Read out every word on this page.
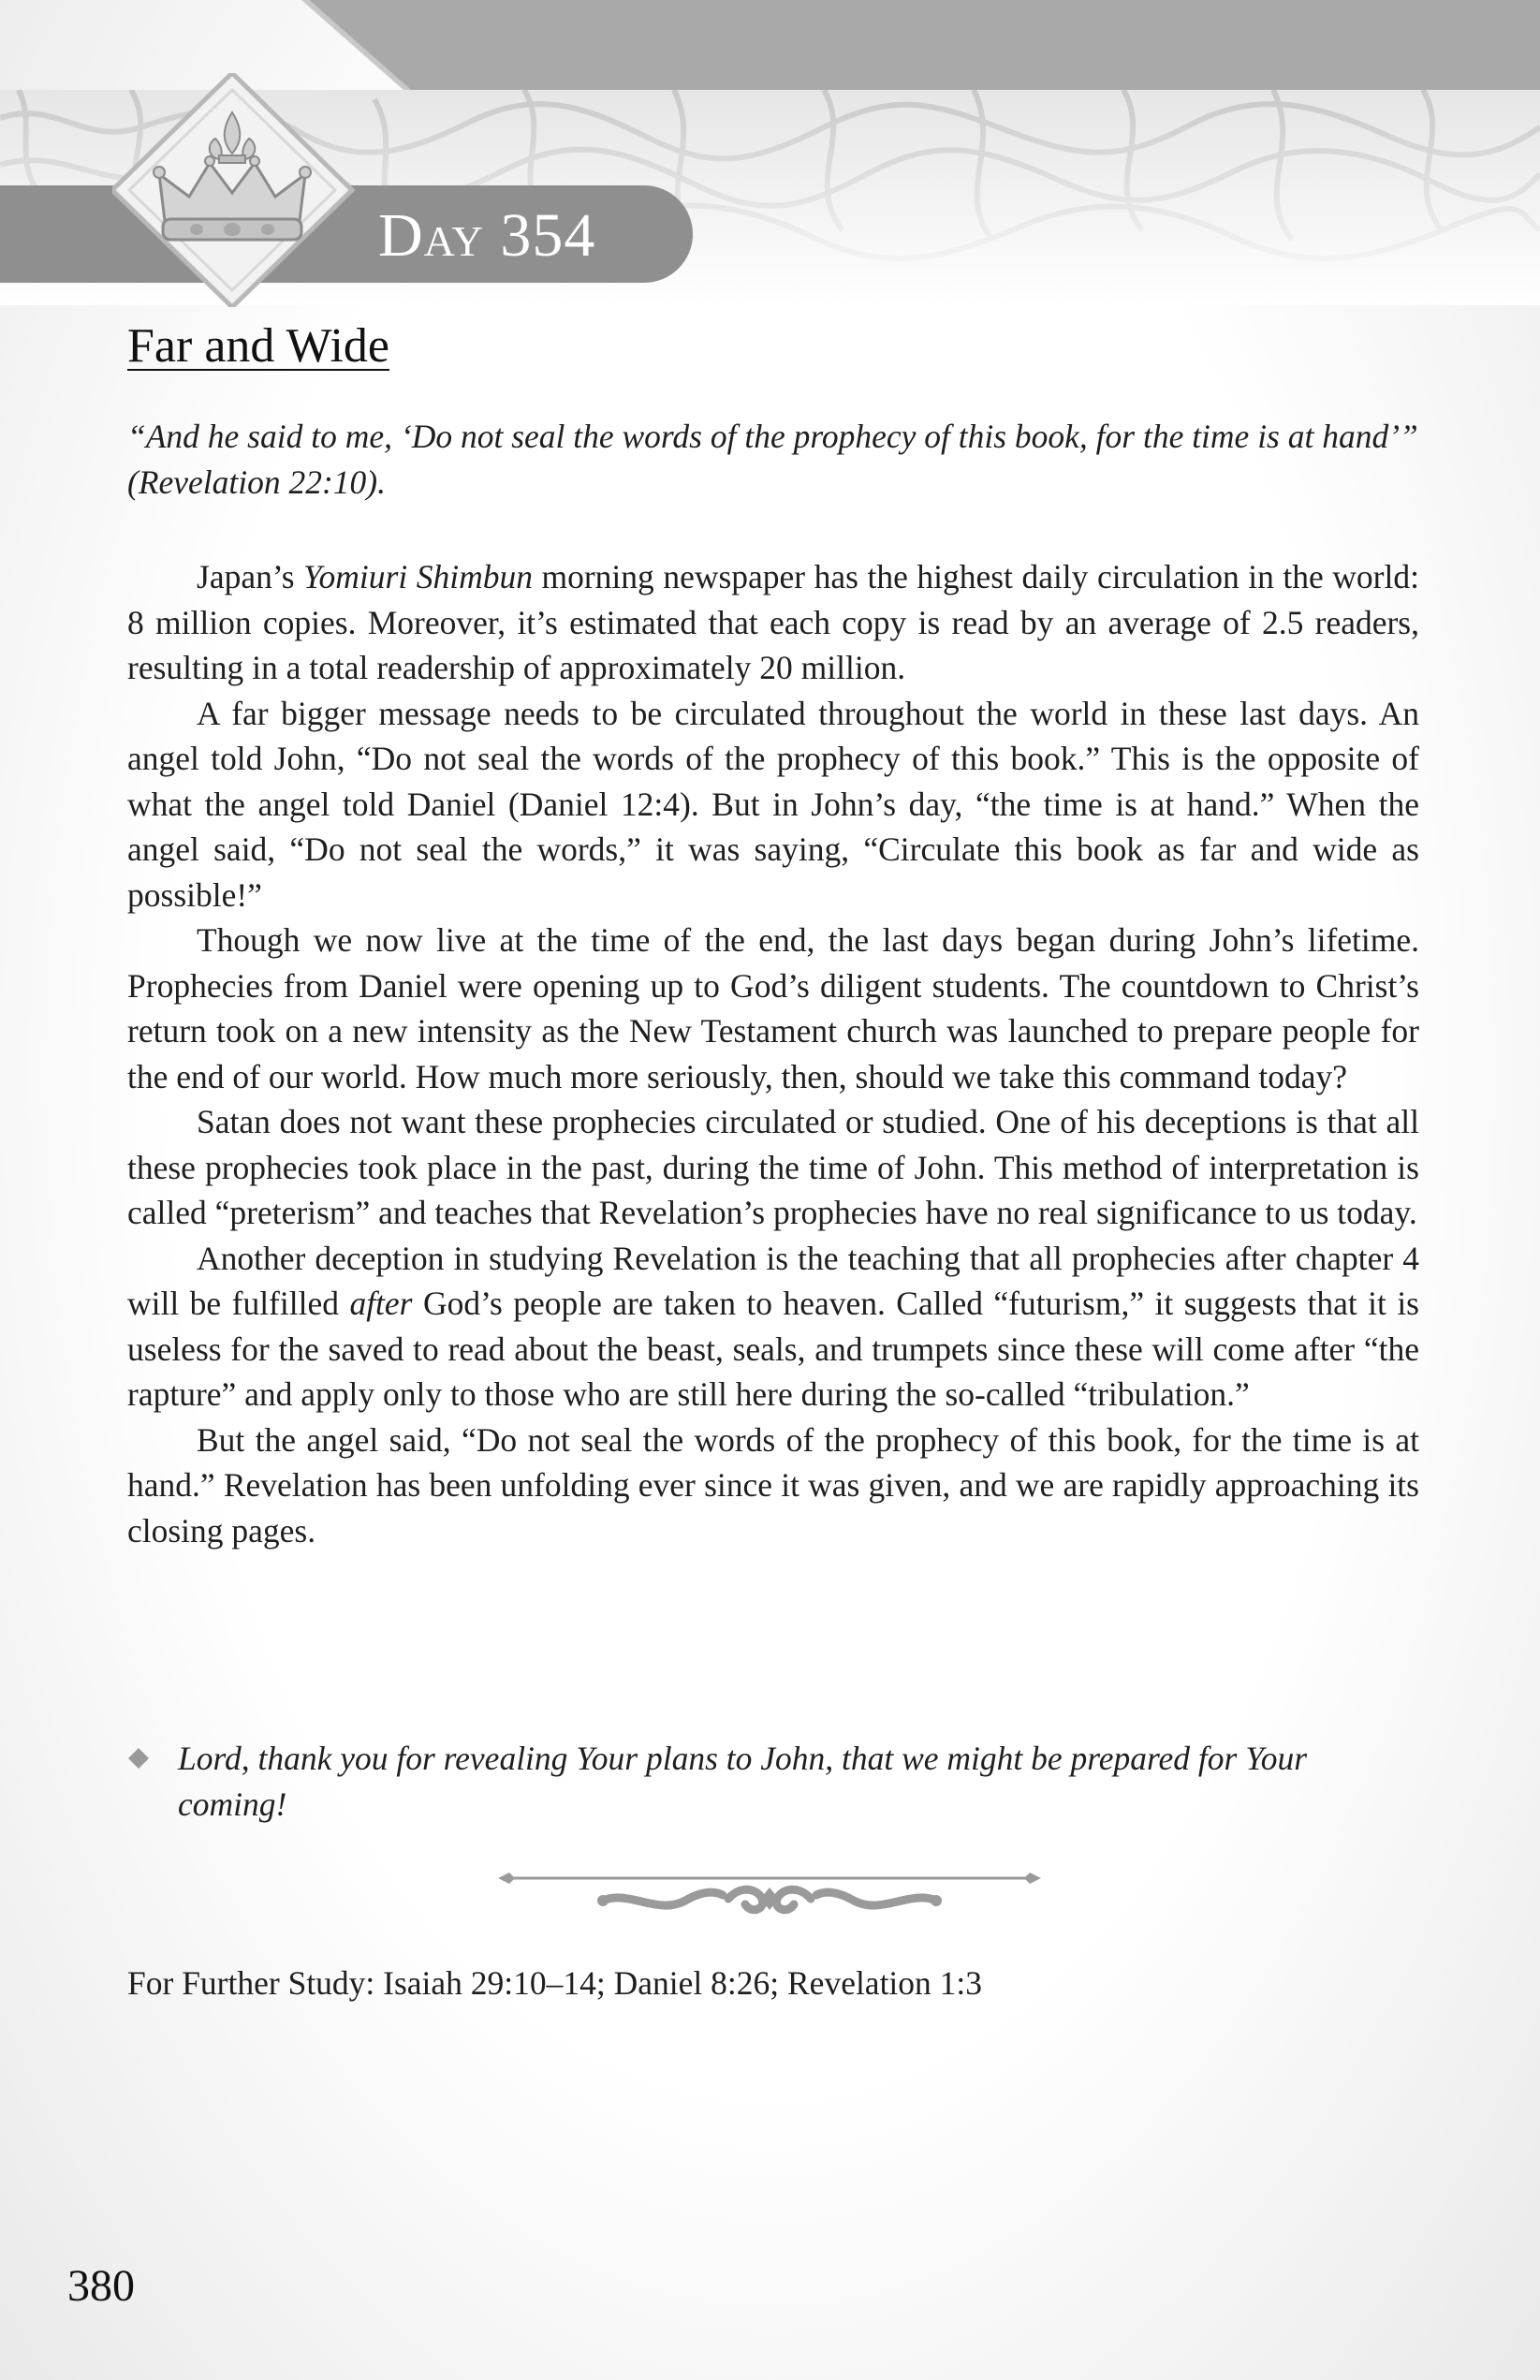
Day 354
Far and Wide

“And he said to me, ‘Do not seal the words of the prophecy of this book, for the time is at hand’” (Revelation 22:10).

Japan’s Yomiuri Shimbun morning newspaper has the highest daily circulation in the world: 8 million copies. Moreover, it’s estimated that each copy is read by an average of 2.5 readers, resulting in a total readership of approximately 20 million.

A far bigger message needs to be circulated throughout the world in these last days. An angel told John, “Do not seal the words of the prophecy of this book.” This is the opposite of what the angel told Daniel (Daniel 12:4). But in John’s day, “the time is at hand.” When the angel said, “Do not seal the words,” it was saying, “Circulate this book as far and wide as possible!”

Though we now live at the time of the end, the last days began during John’s lifetime. Prophecies from Daniel were opening up to God’s diligent students. The countdown to Christ’s return took on a new intensity as the New Testament church was launched to prepare people for the end of our world. How much more seriously, then, should we take this command today?

Satan does not want these prophecies circulated or studied. One of his deceptions is that all these prophecies took place in the past, during the time of John. This method of interpretation is called “preterism” and teaches that Revelation’s prophecies have no real significance to us today.

Another deception in studying Revelation is the teaching that all prophecies after chapter 4 will be fulfilled after God’s people are taken to heaven. Called “futurism,” it suggests that it is useless for the saved to read about the beast, seals, and trumpets since these will come after “the rapture” and apply only to those who are still here during the so-called “tribulation.”

But the angel said, “Do not seal the words of the prophecy of this book, for the time is at hand.” Revelation has been unfolding ever since it was given, and we are rapidly approaching its closing pages.

Lord, thank you for revealing Your plans to John, that we might be prepared for Your coming!

For Further Study: Isaiah 29:10–14; Daniel 8:26; Revelation 1:3
380
